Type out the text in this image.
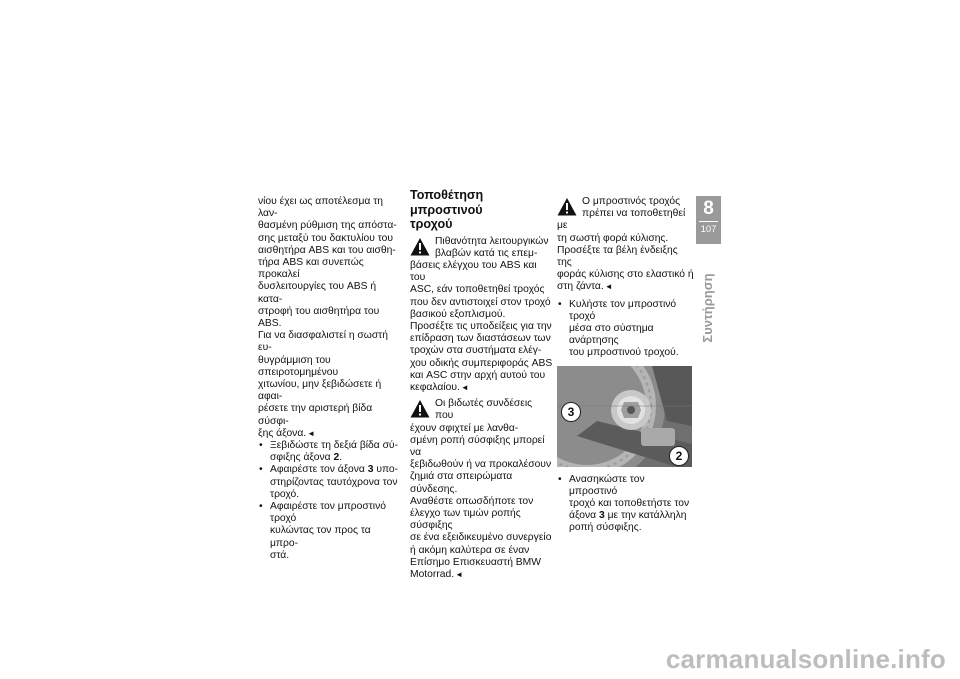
νίου έχει ως αποτέλεσμα τη λαν-
θασμένη ρύθμιση της απόστα-
σης μεταξύ του δακτυλίου του
αισθητήρα ABS και του αισθη-
τήρα ABS και συνεπώς προκαλεί
δυσλειτουργίες του ABS ή κατα-
στροφή του αισθητήρα του ABS.
Για να διασφαλιστεί η σωστή ευ-
θυγράμμιση του σπειροτομημένου
χιτωνίου, μην ξεβιδώσετε ή αφαι-
ρέσετε την αριστερή βίδα σύσφι-
ξης άξονα.◄

• Ξεβιδώστε τη δεξιά βίδα σύ-
σφιξης άξονα 2.
• Αφαιρέστε τον άξονα 3 υπο-
στηρίζοντας ταυτόχρονα τον
τροχό.
• Αφαιρέστε τον μπροστινό τροχό
κυλώντας τον προς τα μπρο-
στά.
Τοποθέτηση μπροστινού
τροχού
Πιθανότητα λειτουργικών
βλαβών κατά τις επεμ-
βάσεις ελέγχου του ABS και του
ASC, εάν τοποθετηθεί τροχός
που δεν αντιστοιχεί στον τροχό
βασικού εξοπλισμού.
Προσέξτε τις υποδείξεις για την
επίδραση των διαστάσεων των
τροχών στα συστήματα ελέγ-
χου οδικής συμπεριφοράς ABS
και ASC στην αρχή αυτού του
κεφαλαίου.◄
Οι βιδωτές συνδέσεις που
έχουν σφιχτεί με λανθα-
σμένη ροπή σύσφιξης μπορεί να
ξεβιδωθούν ή να προκαλέσουν
ζημιά στα σπειρώματα σύνδεσης.
Αναθέστε οπωσδήποτε τον
έλεγχο των τιμών ροπής σύσφιξης
σε ένα εξειδικευμένο συνεργείο
ή ακόμη καλύτερα σε έναν
Επίσημο Επισκευαστή BMW
Motorrad.◄
Ο μπροστινός τροχός
πρέπει να τοποθετηθεί με
τη σωστή φορά κύλισης.
Προσέξτε τα βέλη ένδειξης της
φοράς κύλισης στο ελαστικό ή
στη ζάντα.◄
• Κυλήστε τον μπροστινό τροχό
μέσα στο σύστημα ανάρτησης
του μπροστινού τροχού.
3
2
• Ανασηκώστε τον μπροστινό
τροχό και τοποθετήστε τον
άξονα 3 με την κατάλληλη
ροπή σύσφιξης.
8
107
Συντήρηση
carmanualsonline.info
